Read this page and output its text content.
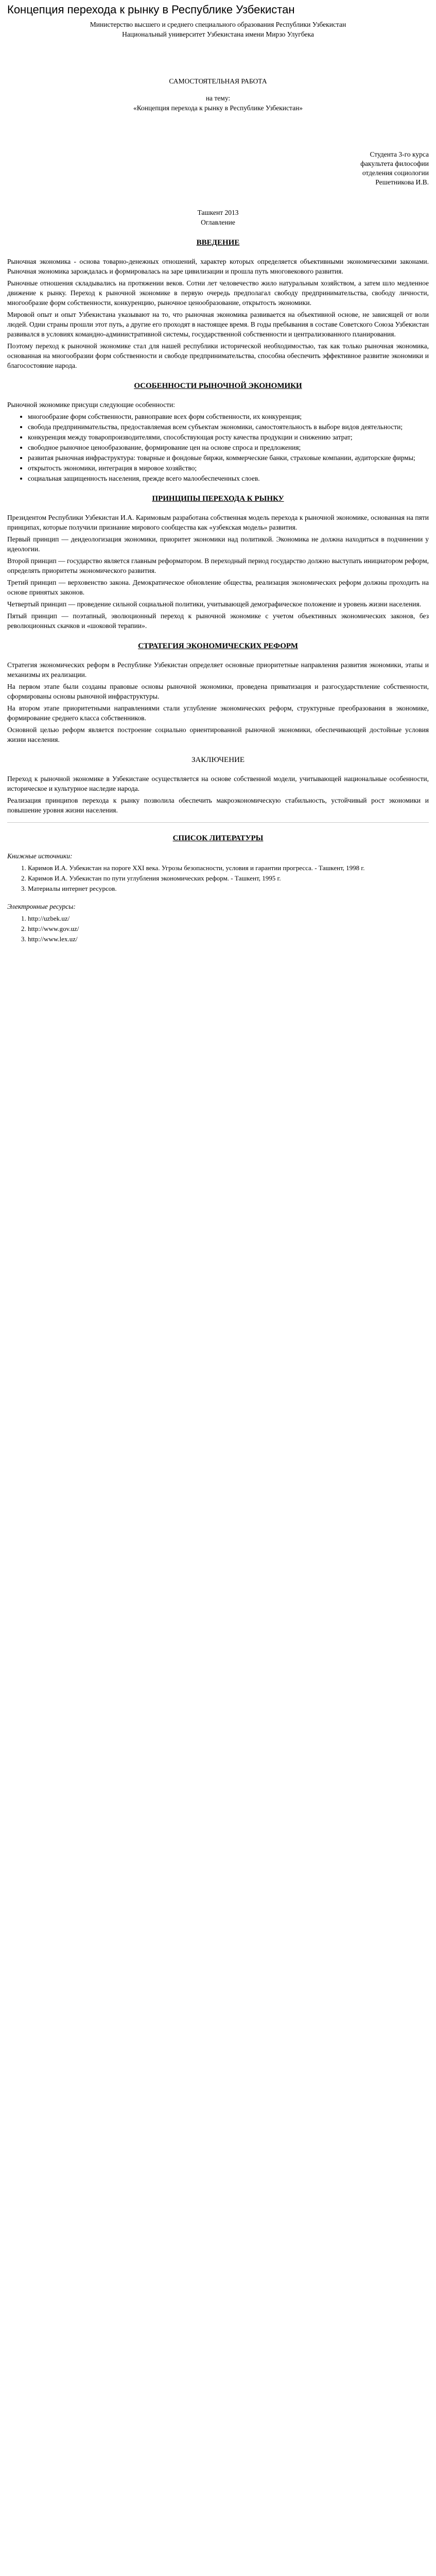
Концепция перехода к рынку в Республике Узбекистан

Министерство высшего и среднего специального образования Республики Узбекистан

Национальный университет Узбекистана имени Мирзо Улугбека

САМОСТОЯТЕЛЬНАЯ РАБОТА

на тему:

«Концепция перехода к рынку в Республике Узбекистан»

Студента 3-го курса

факультета философии

отделения социологии

Решетникова И.В.

Ташкент 2013

Оглавление

ВВЕДЕНИЕ

Рыночная экономика - основа товарно-денежных отношений, характер которых определяется объективными экономическими законами. Рыночная экономика зарождалась и формировалась на заре цивилизации и прошла путь многовекового развития.

Рыночные отношения складывались на протяжении веков. Сотни лет человечество жило натуральным хозяйством, а затем шло медленное движение к рынку. Переход к рыночной экономике в первую очередь предполагал свободу предпринимательства, свободу личности, многообразие форм собственности, конкуренцию, рыночное ценообразование, открытость экономики.

Мировой опыт и опыт Узбекистана указывают на то, что рыночная экономика развивается на объективной основе, не зависящей от воли людей. Одни страны прошли этот путь, а другие его проходят в настоящее время. В годы пребывания в составе Советского Союза Узбекистан развивался в условиях командно-административной системы, государственной собственности и централизованного планирования.

Поэтому переход к рыночной экономике стал для нашей республики исторической необходимостью, так как только рыночная экономика, основанная на многообразии форм собственности и свободе предпринимательства, способна обеспечить эффективное развитие экономики и благосостояние народа.

ОСОБЕННОСТИ РЫНОЧНОЙ ЭКОНОМИКИ

Рыночной экономике присущи следующие особенности:

• многообразие форм собственности, равноправие всех форм собственности, их конкуренция;
• свобода предпринимательства, предоставляемая всем субъектам экономики, самостоятельность в выборе видов деятельности;
• конкуренция между товаропроизводителями, способствующая росту качества продукции и снижению затрат;
• свободное рыночное ценообразование, формирование цен на основе спроса и предложения;
• развитая рыночная инфраструктура: товарные и фондовые биржи, коммерческие банки, страховые компании, аудиторские фирмы;
• открытость экономики, интеграция в мировое хозяйство;
• социальная защищенность населения, прежде всего малообеспеченных слоев.
ПРИНЦИПЫ ПЕРЕХОДА К РЫНКУ

Президентом Республики Узбекистан И.А. Каримовым разработана собственная модель перехода к рыночной экономике, основанная на пяти принципах, которые получили признание мирового сообщества как «узбекская модель» развития.

Первый принцип — деидеологизация экономики, приоритет экономики над политикой. Экономика не должна находиться в подчинении у идеологии.

Второй принцип — государство является главным реформатором. В переходный период государство должно выступать инициатором реформ, определять приоритеты экономического развития.

Третий принцип — верховенство закона. Демократическое обновление общества, реализация экономических реформ должны проходить на основе принятых законов.

Четвертый принцип — проведение сильной социальной политики, учитывающей демографическое положение и уровень жизни населения.

Пятый принцип — поэтапный, эволюционный переход к рыночной экономике с учетом объективных экономических законов, без революционных скачков и «шоковой терапии».

СТРАТЕГИЯ ЭКОНОМИЧЕСКИХ РЕФОРМ

Стратегия экономических реформ в Республике Узбекистан определяет основные приоритетные направления развития экономики, этапы и механизмы их реализации.

На первом этапе были созданы правовые основы рыночной экономики, проведена приватизация и разгосударствление собственности, сформированы основы рыночной инфраструктуры.

На втором этапе приоритетными направлениями стали углубление экономических реформ, структурные преобразования в экономике, формирование среднего класса собственников.

Основной целью реформ является построение социально ориентированной рыночной экономики, обеспечивающей достойные условия жизни населения.

ЗАКЛЮЧЕНИЕ

Переход к рыночной экономике в Узбекистане осуществляется на основе собственной модели, учитывающей национальные особенности, историческое и культурное наследие народа.

Реализация принципов перехода к рынку позволила обеспечить макроэкономическую стабильность, устойчивый рост экономики и повышение уровня жизни населения.

СПИСОК ЛИТЕРАТУРЫ
Книжные источники:
1. Каримов И.А. Узбекистан на пороге XXI века. Угрозы безопасности, условия и гарантии прогресса. - Ташкент, 1998 г.
2. Каримов И.А. Узбекистан по пути углубления экономических реформ. - Ташкент, 1995 г.
3. Материалы интернет ресурсов.
Электронные ресурсы:
1. http://uzbek.uz/
2. http://www.gov.uz/
3. http://www.lex.uz/
